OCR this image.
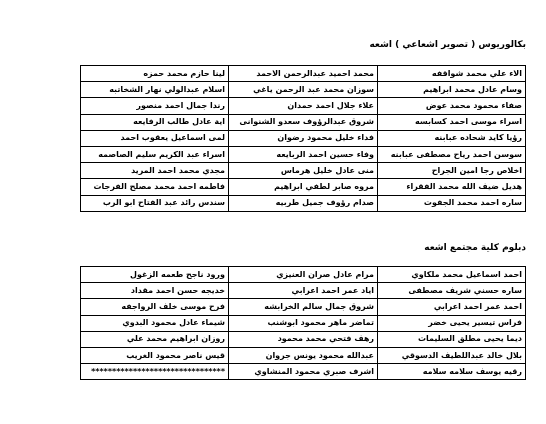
بكالوريوس ( تصوير اشعاعي ) اشعه
الاء علي محمد شواقفه	محمد احميد عبدالرحمن الاحمد	لينا حازم محمد حمزه
وسام عادل محمد ابراهيم	سوزان محمد عبد الرحمن ياغي	اسلام عبدالولي نهار الشخاتبه
صفاء محمود محمد عوض	علاء جلال احمد حمدان	رندا جمال احمد منصور
اسراء موسى احمد كسابسه	شروق عبدالرؤوف سعدو الشنوانى	اية عادل طالب الرفايعه
رؤيا كايد شحاده عبابنه	فداء خليل محمود رضوان	لمى اسماعيل يعقوب احمد
سوسن احمد رياح مصطفى عبابنه	وفاء حسين احمد الربايعه	اسراء عبد الكريم سليم الصاصمه
اخلاص رجا امين الجراح	منى عادل خليل هرماس	مجدي محمد احمد المريد
هديل ضيف الله محمد الفقراء	مروه صابر لطفي ابراهيم	فاطمه احمد محمد مصلح الفرجات
ساره احمد محمد الجفوت	صدام رؤوف جميل طربيه	سندس رائد عبد الفتاح ابو الرب
دبلوم كلية مجتمع اشعه
احمد اسماعيل محمد ملكاوي	مرام عادل صران العنيزي	ورود ناجح طعمه الزغول
ساره حسني شريف مصطفى	اياد عمر احمد اعرابي	خديجه حسن احمد مقداد
احمد عمر احمد اعرابي	شروق جمال سالم الخرابشه	فرح موسى خلف الرواجفه
فراس تيسير يحيى خضر	تماضر ماهر محمود ابوشنب	شيماء عادل محمود البدوي
ديما يحيى مطلق السليمات	رهف فتحي محمد محمود	روزان ابراهيم محمد علي
بلال خالد عبداللطيف الدسوقي	عبدالله محمود يونس جروان	قيس ناصر محمود الغريب
رقيه يوسف سلامه سلامه	اشرف صبري محمود المنشاوي	********************************
